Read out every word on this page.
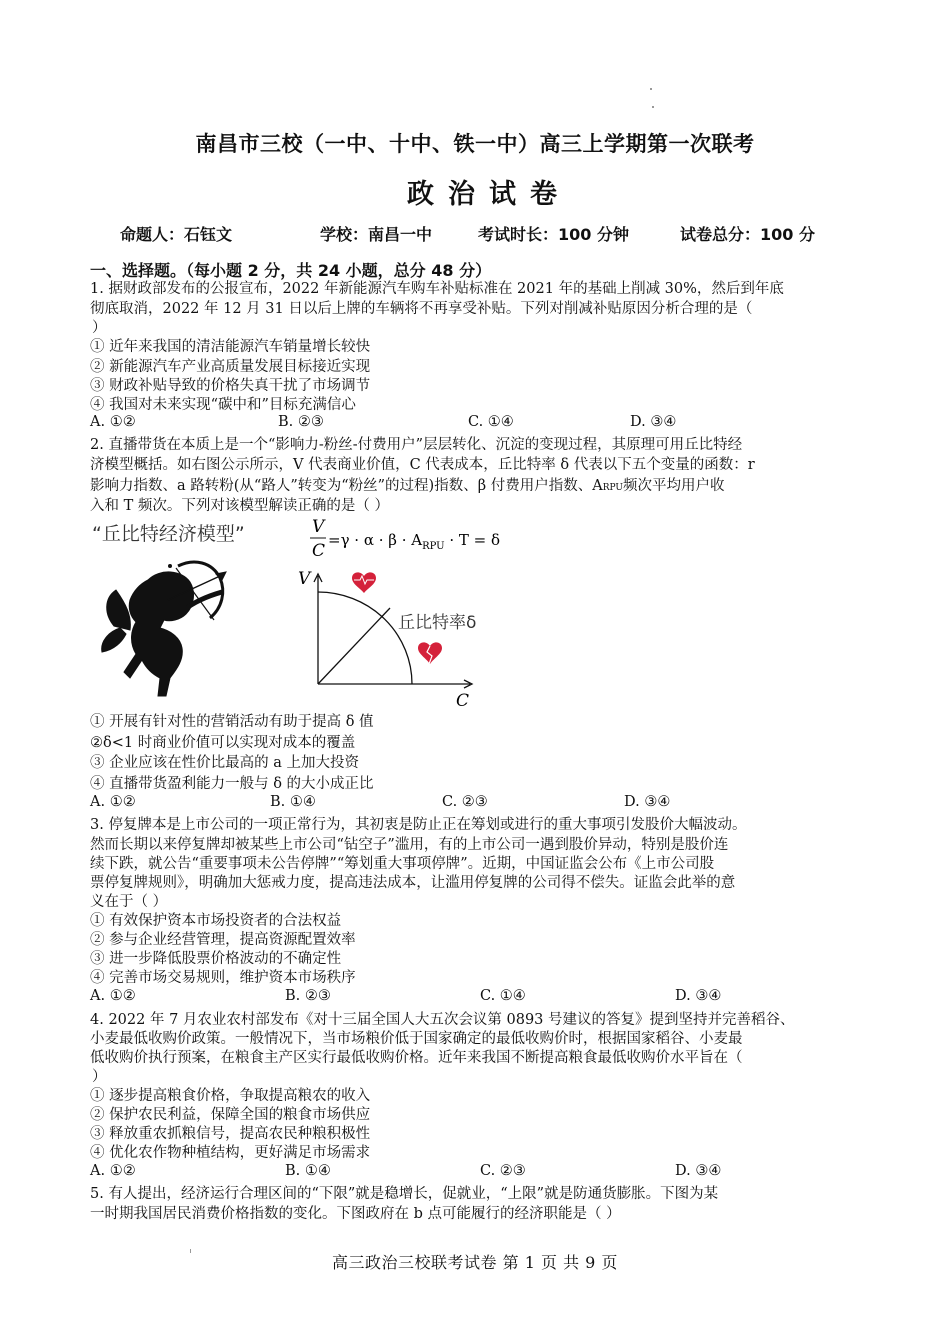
南昌市三校（一中、十中、铁一中）高三上学期第一次联考
政治试卷
命题人：石钰文	学校：南昌一中	考试时长：100 分钟	试卷总分：100 分
一、选择题。（每小题 2 分，共 24 小题，总分 48 分）
1. 据财政部发布的公报宣布，2022 年新能源汽车购车补贴标准在 2021 年的基础上削减 30%，然后到年底
彻底取消，2022 年 12 月 31 日以后上牌的车辆将不再享受补贴。下列对削减补贴原因分析合理的是（
）
① 近年来我国的清洁能源汽车销量增长较快
② 新能源汽车产业高质量发展目标接近实现
③ 财政补贴导致的价格失真干扰了市场调节
④ 我国对未来实现“碳中和”目标充满信心
A. ①②	B. ②③	C. ①④	D. ③④
2. 直播带货在本质上是一个“影响力-粉丝-付费用户”层层转化、沉淀的变现过程，其原理可用丘比特经
济模型概括。如右图公示所示，V 代表商业价值，C 代表成本，丘比特率 δ 代表以下五个变量的函数：r
影响力指数、a 路转粉(从“路人”转变为“粉丝”的过程)指数、β 付费用户指数、ARPU频次平均用户收
入和 T 频次。下列对该模型解读正确的是（ ）
“丘比特经济模型”	V
C
$=\gamma \cdot \alpha \cdot \beta \cdot A_{RPU} \cdot T = \delta$
V
C
丘比特率δ
① 开展有针对性的营销活动有助于提高 δ 值
②δ<1 时商业价值可以实现对成本的覆盖
③ 企业应该在性价比最高的 a 上加大投资
④ 直播带货盈利能力一般与 δ 的大小成正比
A. ①②	B. ①④	C. ②③	D. ③④
3. 停复牌本是上市公司的一项正常行为，其初衷是防止正在筹划或进行的重大事项引发股价大幅波动。
然而长期以来停复牌却被某些上市公司“钻空子”滥用，有的上市公司一遇到股价异动，特别是股价连
续下跌，就公告“重要事项未公告停牌”“筹划重大事项停牌”。近期，中国证监会公布《上市公司股
票停复牌规则》，明确加大惩戒力度，提高违法成本，让滥用停复牌的公司得不偿失。证监会此举的意
义在于（ ）
① 有效保护资本市场投资者的合法权益
② 参与企业经营管理，提高资源配置效率
③ 进一步降低股票价格波动的不确定性
④ 完善市场交易规则，维护资本市场秩序
A. ①②	B. ②③	C. ①④	D. ③④
4. 2022 年 7 月农业农村部发布《对十三届全国人大五次会议第 0893 号建议的答复》提到坚持并完善稻谷、
小麦最低收购价政策。一般情况下，当市场粮价低于国家确定的最低收购价时，根据国家稻谷、小麦最
低收购价执行预案，在粮食主产区实行最低收购价格。近年来我国不断提高粮食最低收购价水平旨在（
）
① 逐步提高粮食价格，争取提高粮农的收入
② 保护农民利益，保障全国的粮食市场供应
③ 释放重农抓粮信号，提高农民种粮积极性
④ 优化农作物种植结构，更好满足市场需求
A. ①②	B. ①④	C. ②③	D. ③④
5. 有人提出，经济运行合理区间的“下限”就是稳增长，促就业，“上限”就是防通货膨胀。下图为某
一时期我国居民消费价格指数的变化。下图政府在 b 点可能履行的经济职能是（ ）
高三政治三校联考试卷 第 1 页 共 9 页
